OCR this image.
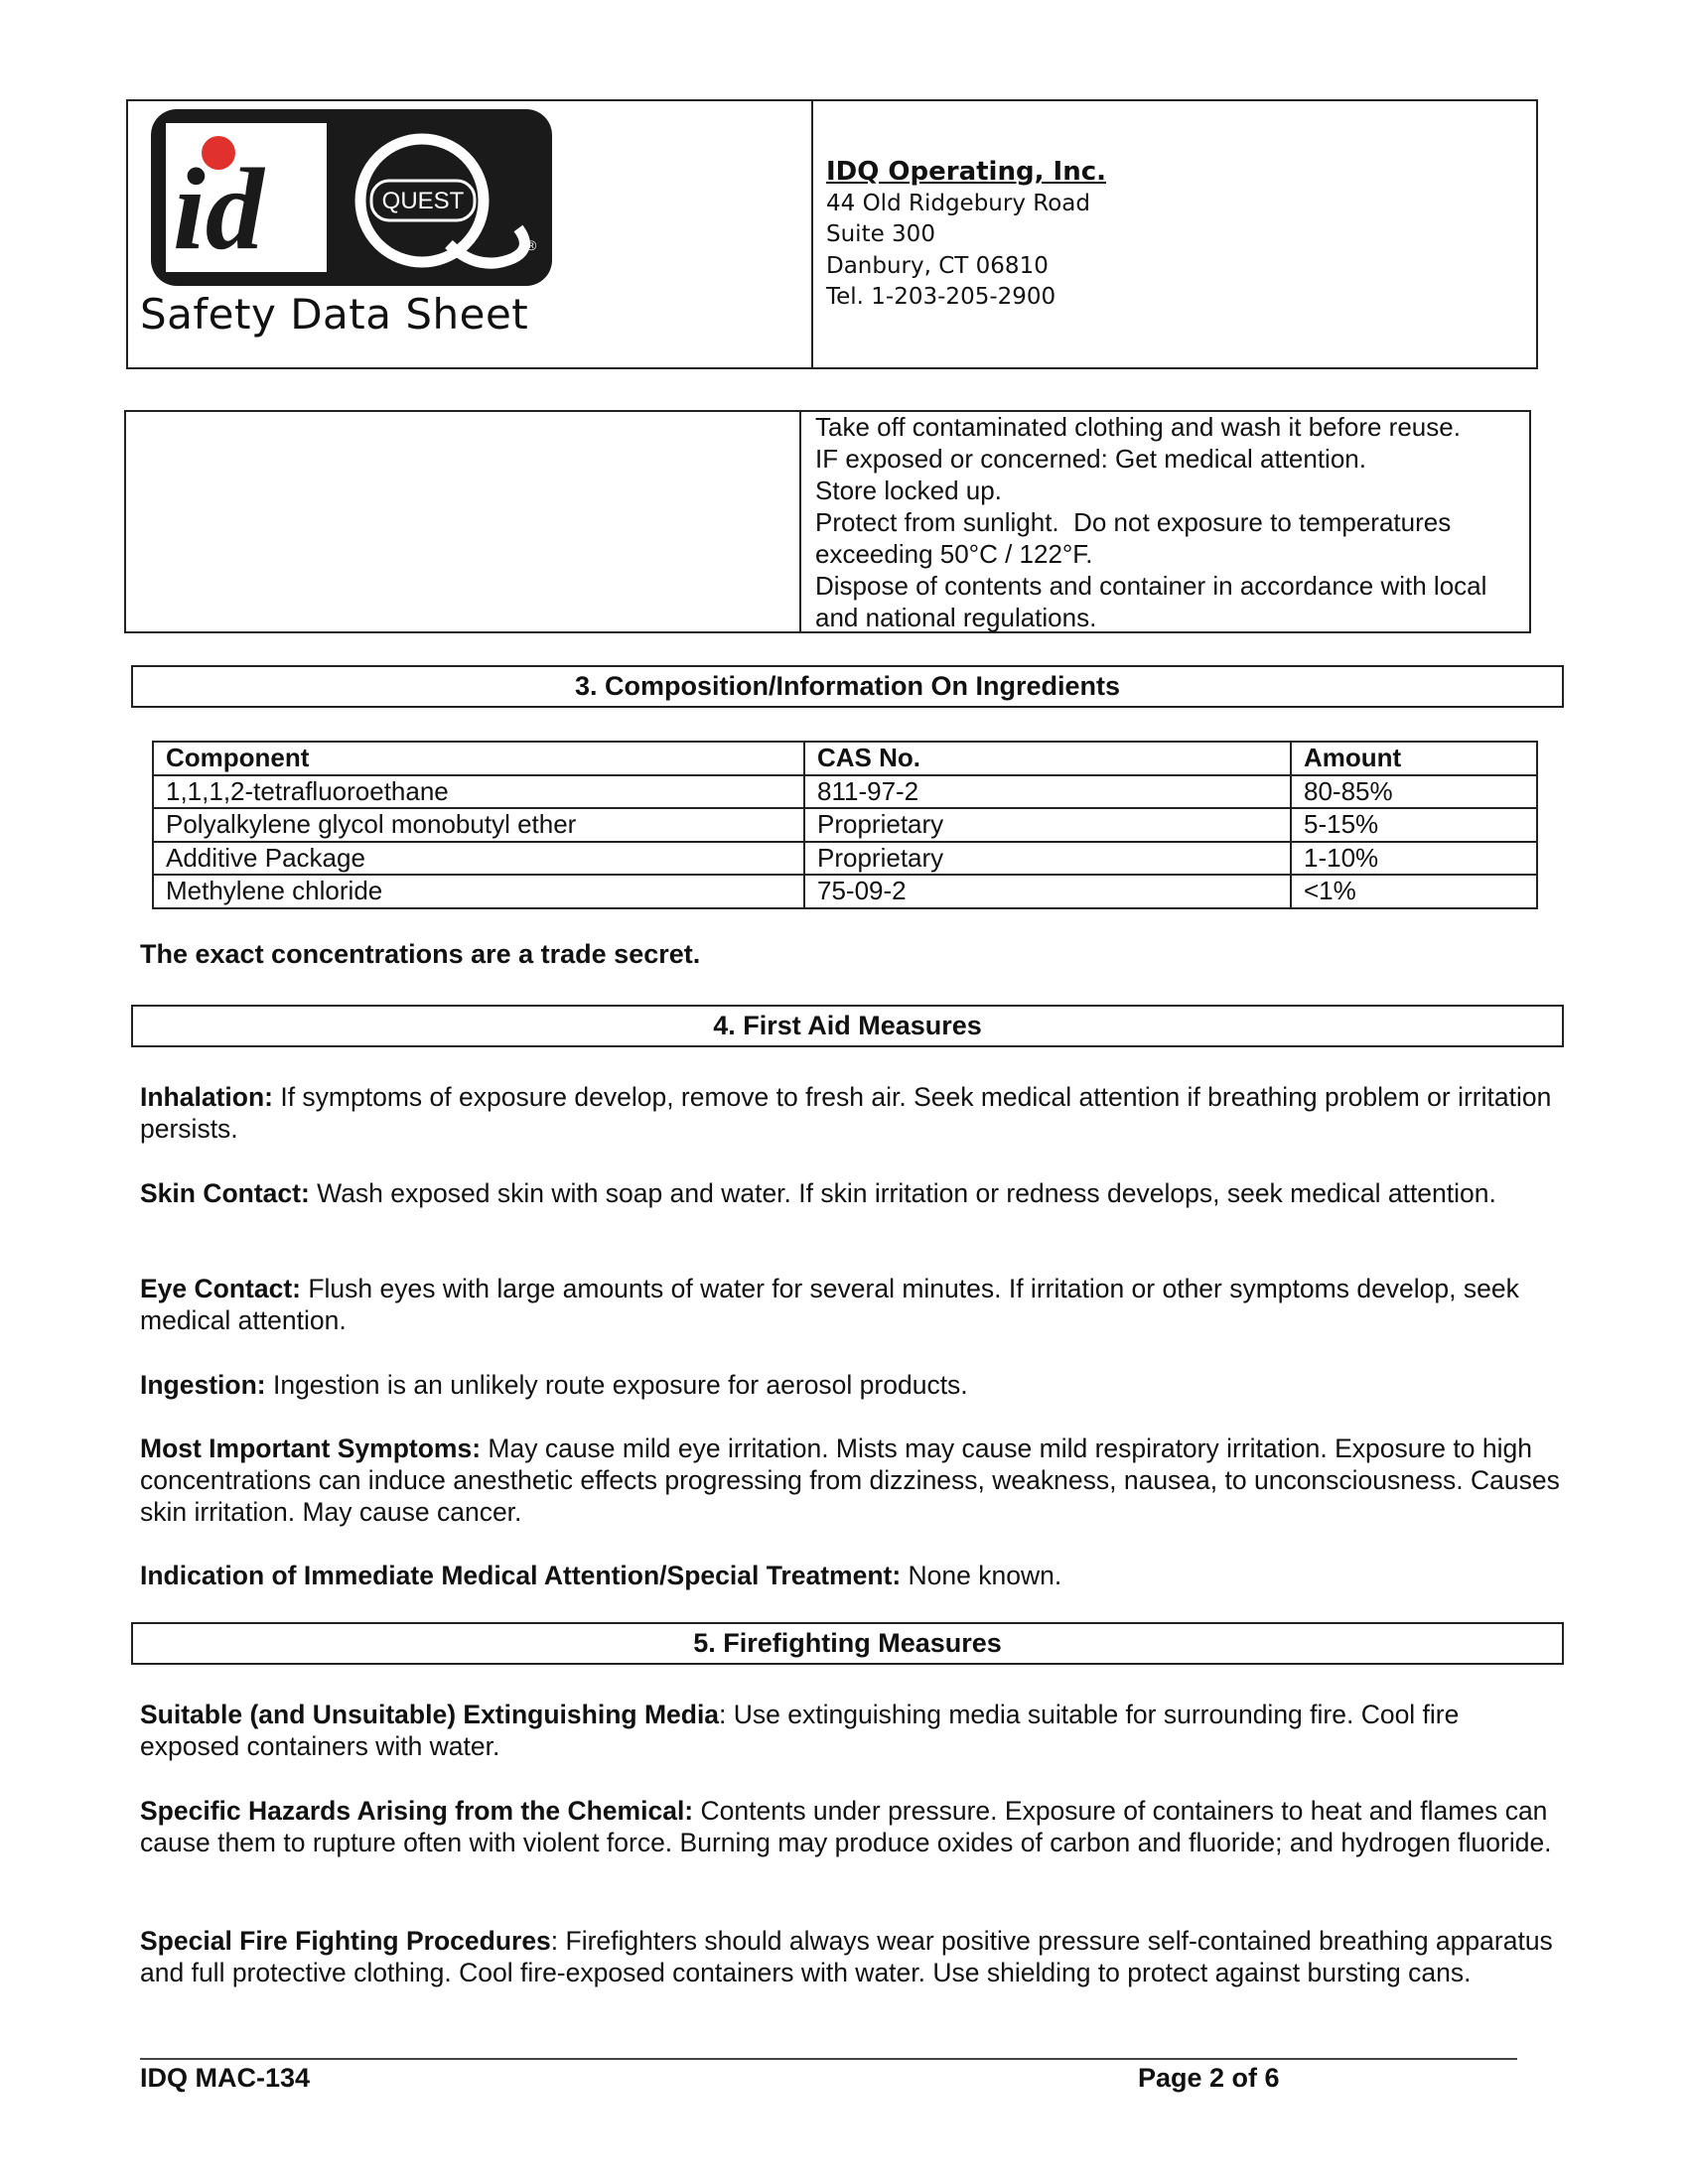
id	QUEST
®
Safety Data Sheet
IDQ Operating, Inc.
44 Old Ridgebury Road
Suite 300
Danbury, CT 06810
Tel. 1-203-205-2900
Take off contaminated clothing and wash it before reuse.
IF exposed or concerned: Get medical attention.
Store locked up.
Protect from sunlight.  Do not exposure to temperatures exceeding 50°C / 122°F.
Dispose of contents and container in accordance with local and national regulations.
3. Composition/Information On Ingredients
Component	CAS No.	Amount
1,1,1,2-tetrafluoroethane	811-97-2	80-85%
Polyalkylene glycol monobutyl ether	Proprietary	5-15%
Additive Package	Proprietary	1-10%
Methylene chloride	75-09-2	<1%
The exact concentrations are a trade secret.
4. First Aid Measures
Inhalation: If symptoms of exposure develop, remove to fresh air. Seek medical attention if breathing problem or irritation persists.
Skin Contact: Wash exposed skin with soap and water. If skin irritation or redness develops, seek medical attention.
Eye Contact: Flush eyes with large amounts of water for several minutes. If irritation or other symptoms develop, seek medical attention.
Ingestion: Ingestion is an unlikely route exposure for aerosol products.
Most Important Symptoms: May cause mild eye irritation. Mists may cause mild respiratory irritation. Exposure to high concentrations can induce anesthetic effects progressing from dizziness, weakness, nausea, to unconsciousness. Causes skin irritation. May cause cancer.
Indication of Immediate Medical Attention/Special Treatment: None known.
5. Firefighting Measures
Suitable (and Unsuitable) Extinguishing Media: Use extinguishing media suitable for surrounding fire. Cool fire exposed containers with water.
Specific Hazards Arising from the Chemical: Contents under pressure. Exposure of containers to heat and flames can cause them to rupture often with violent force. Burning may produce oxides of carbon and fluoride; and hydrogen fluoride.
Special Fire Fighting Procedures: Firefighters should always wear positive pressure self-contained breathing apparatus and full protective clothing. Cool fire-exposed containers with water. Use shielding to protect against bursting cans.
IDQ MAC-134	Page 2 of 6
